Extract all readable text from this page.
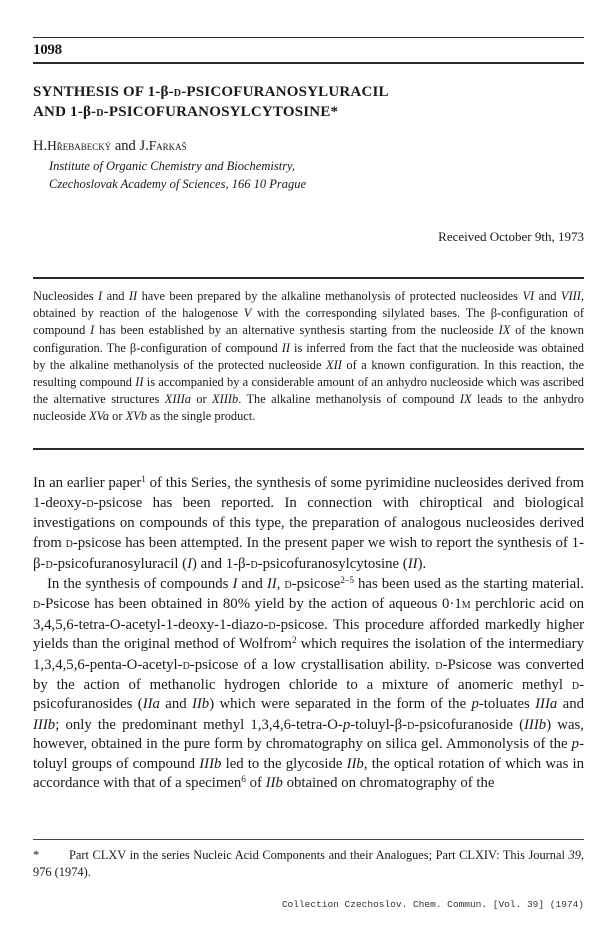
1098
SYNTHESIS OF 1-β-d-PSICOFURANOSYLURACIL
AND 1-β-d-PSICOFURANOSYLCYTOSINE*
H.Hřebabecký and J.Farkaš
Institute of Organic Chemistry and Biochemistry,
Czechoslovak Academy of Sciences, 166 10 Prague
Received October 9th, 1973

Nucleosides I and II have been prepared by the alkaline methanolysis of protected nucleosides VI and VIII, obtained by reaction of the halogenose V with the corresponding silylated bases. The β-configuration of compound I has been established by an alternative synthesis starting from the nucleoside IX of the known configuration. The β-configuration of compound II is inferred from the fact that the nucleoside was obtained by the alkaline methanolysis of the protected nucleoside XII of a known configuration. In this reaction, the resulting compound II is accompanied by a considerable amount of an anhydro nucleoside which was ascribed the alternative structures XIIIa or XIIIb. The alkaline methanolysis of compound IX leads to the anhydro nucleoside XVa or XVb as the single product.

In an earlier paper$^1$ of this Series, the synthesis of some pyrimidine nucleosides derived from 1-deoxy-d-psicose has been reported. In connection with chiroptical and biological investigations on compounds of this type, the preparation of analogous nucleosides derived from d-psicose has been attempted. In the present paper we wish to report the synthesis of 1-β-d-psicofuranosyluracil (I) and 1-β-d-psicofuranosylcytosine (II).

In the synthesis of compounds I and II, d-psicose$^{2-5}$ has been used as the starting material. d-Psicose has been obtained in 80% yield by the action of aqueous 0·1m perchloric acid on 3,4,5,6-tetra-O-acetyl-1-deoxy-1-diazo-d-psicose. This procedure afforded markedly higher yields than the original method of Wolfrom$^2$ which requires the isolation of the intermediary 1,3,4,5,6-penta-O-acetyl-d-psicose of a low crystallisation ability. d-Psicose was converted by the action of methanolic hydrogen chloride to a mixture of anomeric methyl d-psicofuranosides (IIa and IIb) which were separated in the form of the p-toluates IIIa and IIIb; only the predominant methyl 1,3,4,6-tetra-O-p-toluyl-β-d-psicofuranoside (IIIb) was, however, obtained in the pure form by chromatography on silica gel. Ammonolysis of the p-toluyl groups of compound IIIb led to the glycoside IIb, the optical rotation of which was in accordance with that of a specimen$^6$ of IIb obtained on chromatography of the

* Part CLXV in the series Nucleic Acid Components and their Analogues; Part CLXIV: This Journal 39, 976 (1974).

Collection Czechoslov. Chem. Commun. [Vol. 39] (1974)
